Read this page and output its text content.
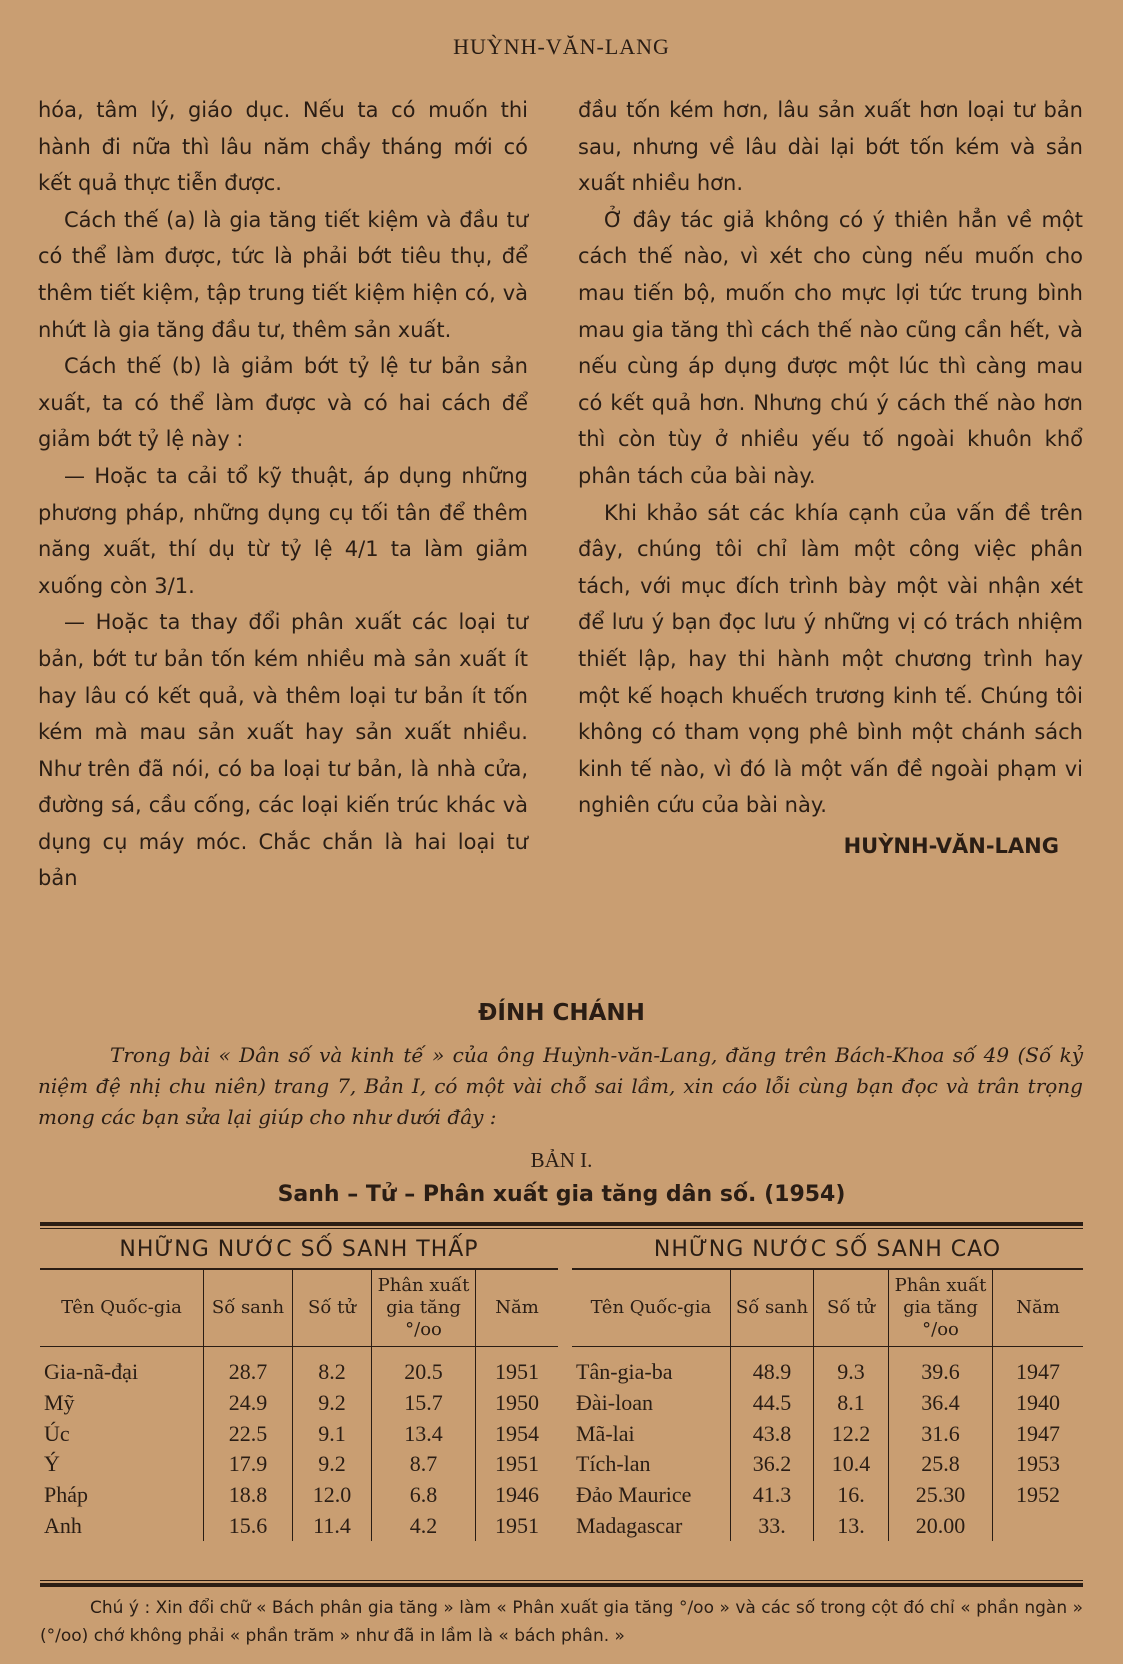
HUỲNH-VĂN-LANG

hóa, tâm lý, giáo dục. Nếu ta có muốn thi hành đi nữa thì lâu năm chầy tháng mới có kết quả thực tiễn được.

Cách thế (a) là gia tăng tiết kiệm và đầu tư có thể làm được, tức là phải bớt tiêu thụ, để thêm tiết kiệm, tập trung tiết kiệm hiện có, và nhứt là gia tăng đầu tư, thêm sản xuất.

Cách thế (b) là giảm bớt tỷ lệ tư bản sản xuất, ta có thể làm được và có hai cách để giảm bớt tỷ lệ này :

— Hoặc ta cải tổ kỹ thuật, áp dụng những phương pháp, những dụng cụ tối tân để thêm năng xuất, thí dụ từ tỷ lệ 4/1 ta làm giảm xuống còn 3/1.

— Hoặc ta thay đổi phân xuất các loại tư bản, bớt tư bản tốn kém nhiều mà sản xuất ít hay lâu có kết quả, và thêm loại tư bản ít tốn kém mà mau sản xuất hay sản xuất nhiều. Như trên đã nói, có ba loại tư bản, là nhà cửa, đường sá, cầu cống, các loại kiến trúc khác và dụng cụ máy móc. Chắc chắn là hai loại tư bản

đầu tốn kém hơn, lâu sản xuất hơn loại tư bản sau, nhưng về lâu dài lại bớt tốn kém và sản xuất nhiều hơn.

Ở đây tác giả không có ý thiên hẳn về một cách thế nào, vì xét cho cùng nếu muốn cho mau tiến bộ, muốn cho mực lợi tức trung bình mau gia tăng thì cách thế nào cũng cần hết, và nếu cùng áp dụng được một lúc thì càng mau có kết quả hơn. Nhưng chú ý cách thế nào hơn thì còn tùy ở nhiều yếu tố ngoài khuôn khổ phân tách của bài này.

Khi khảo sát các khía cạnh của vấn đề trên đây, chúng tôi chỉ làm một công việc phân tách, với mục đích trình bày một vài nhận xét để lưu ý bạn đọc lưu ý những vị có trách nhiệm thiết lập, hay thi hành một chương trình hay một kế hoạch khuếch trương kinh tế. Chúng tôi không có tham vọng phê bình một chánh sách kinh tế nào, vì đó là một vấn đề ngoài phạm vi nghiên cứu của bài này.

HUỲNH-VĂN-LANG
ĐÍNH CHÁNH
Trong bài « Dân số và kinh tế » của ông Huỳnh-văn-Lang, đăng trên Bách-Khoa số 49 (Số kỷ niệm đệ nhị chu niên) trang 7, Bản I, có một vài chỗ sai lầm, xin cáo lỗi cùng bạn đọc và trân trọng mong các bạn sửa lại giúp cho như dưới đây :
BẢN I.
Sanh – Tử – Phân xuất gia tăng dân số. (1954)
NHỮNG NƯỚC SỐ SANH THẤP
Tên Quốc-gia	Số sanh	Số tử	Phân xuất gia tăng °/oo	Năm
Gia-nã-đại	28.7	8.2	20.5	1951
Mỹ	24.9	9.2	15.7	1950
Úc	22.5	9.1	13.4	1954
Ý	17.9	9.2	8.7	1951
Pháp	18.8	12.0	6.8	1946
Anh	15.6	11.4	4.2	1951
NHỮNG NƯỚC SỐ SANH CAO
Tên Quốc-gia	Số sanh	Số tử	Phân xuất gia tăng °/oo	Năm
Tân-gia-ba	48.9	9.3	39.6	1947
Đài-loan	44.5	8.1	36.4	1940
Mã-lai	43.8	12.2	31.6	1947
Tích-lan	36.2	10.4	25.8	1953
Đảo Maurice	41.3	16.	25.30	1952
Madagascar	33.	13.	20.00	
Chú ý : Xin đổi chữ « Bách phân gia tăng » làm « Phân xuất gia tăng °/oo » và các số trong cột đó chỉ « phần ngàn » (°/oo) chớ không phải « phần trăm » như đã in lầm là « bách phân. »
